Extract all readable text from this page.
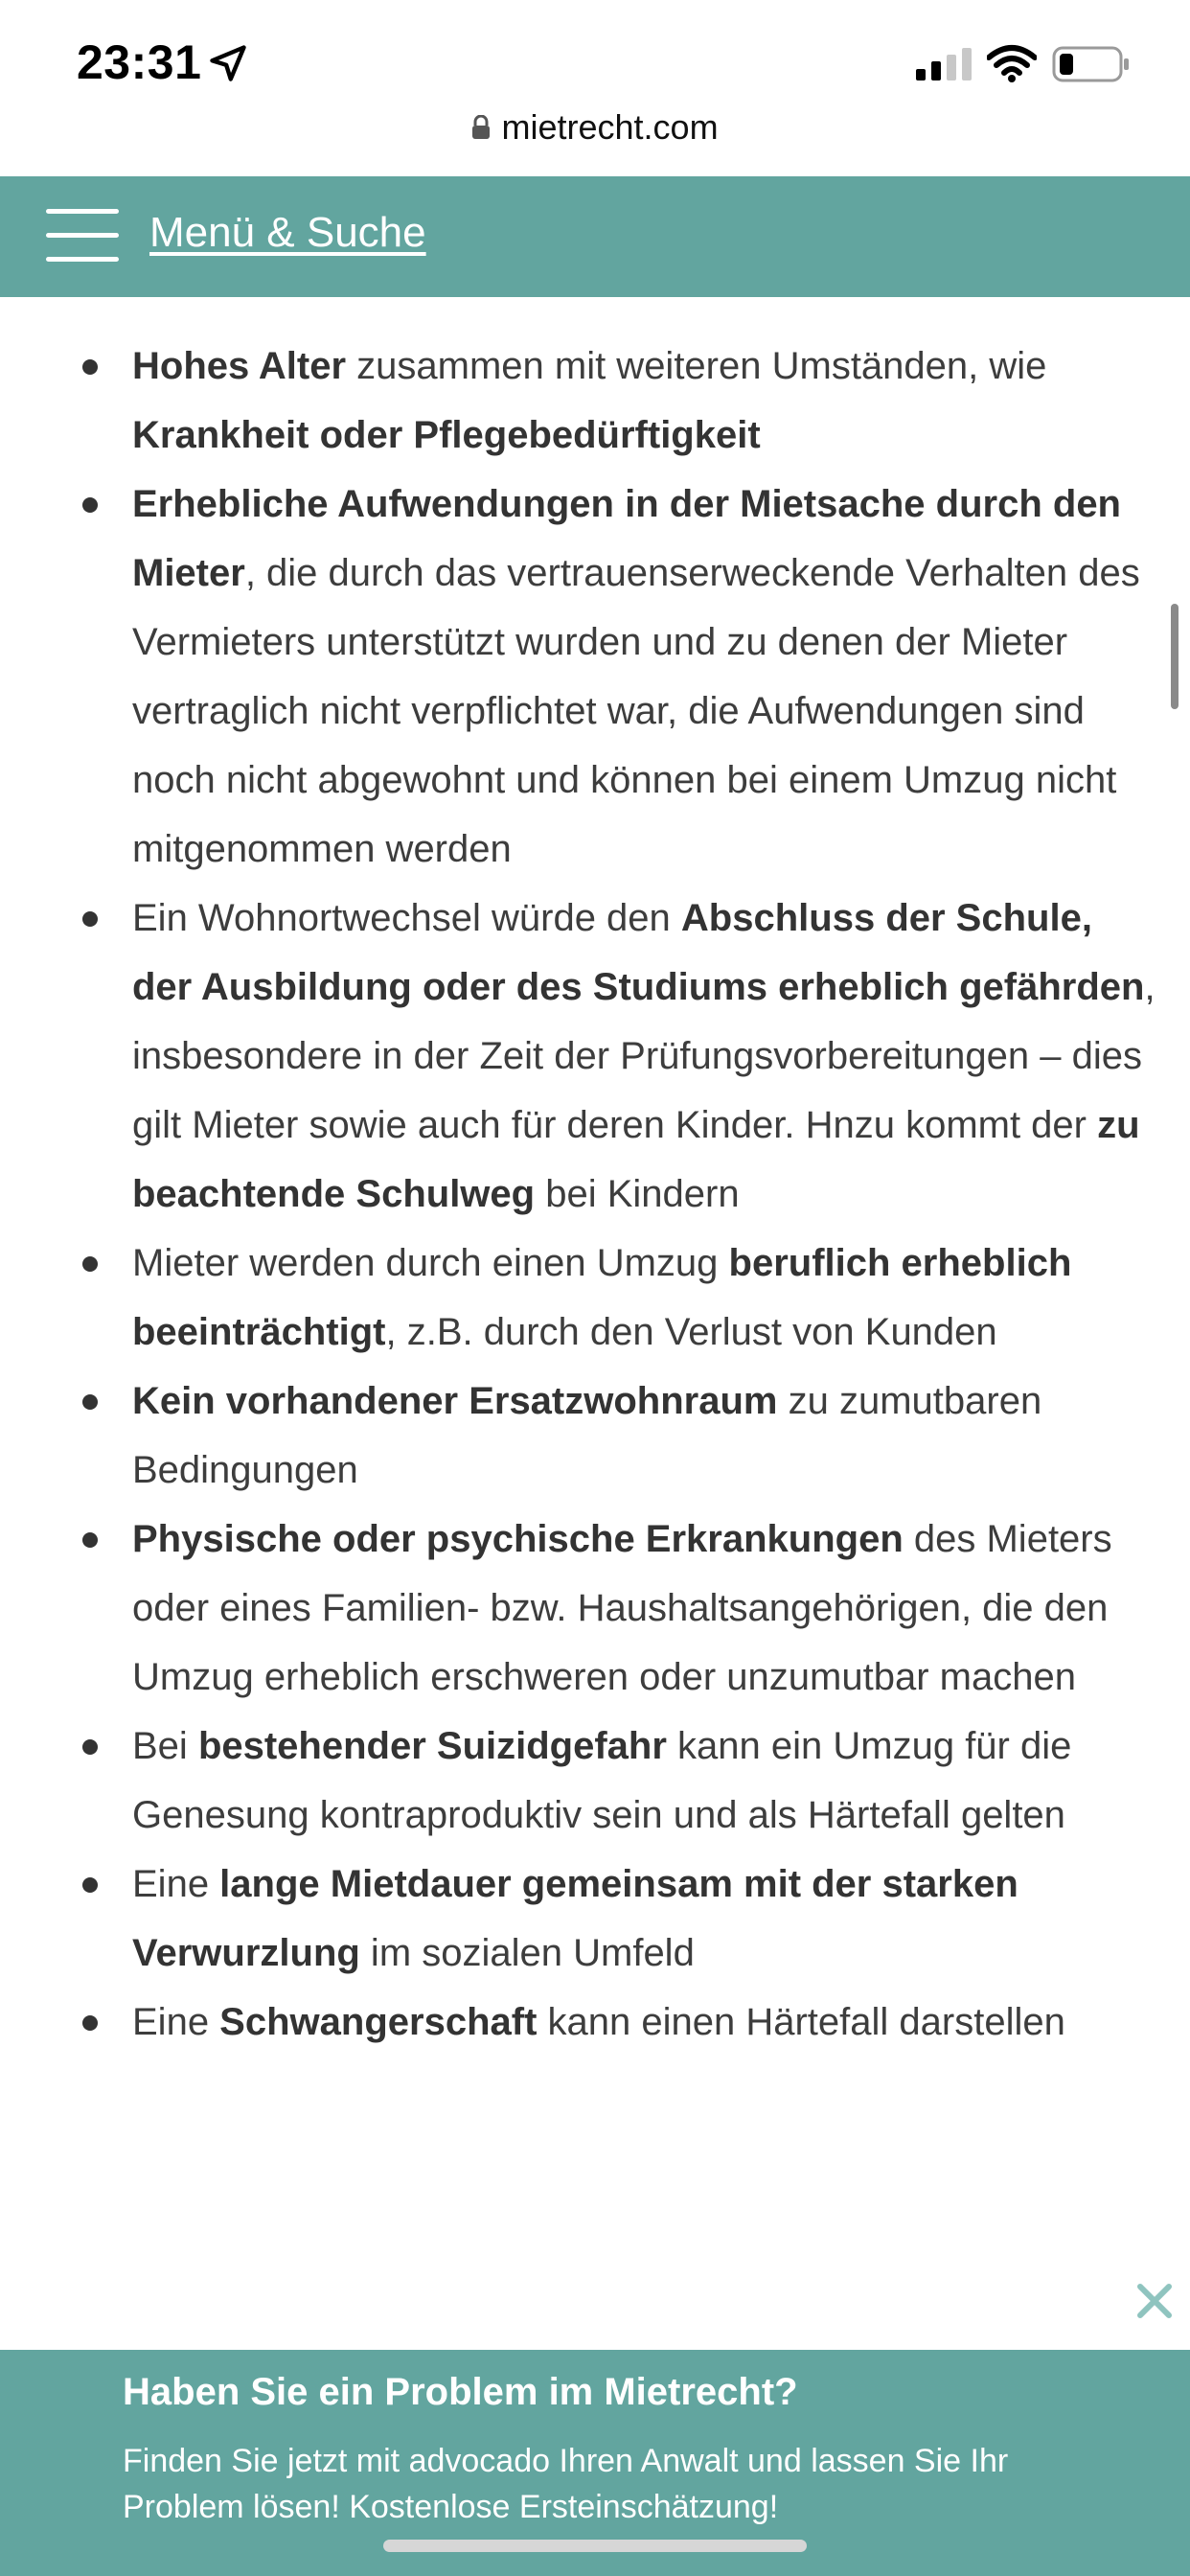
23:31
mietrecht.com
Menü & Suche
Hohes Alter zusammen mit weiteren Umständen, wie Krankheit oder Pflegebedürftigkeit
Erhebliche Aufwendungen in der Mietsache durch den Mieter, die durch das vertrauenserweckende Verhalten des Vermieters unterstützt wurden und zu denen der Mieter vertraglich nicht verpflichtet war, die Aufwendungen sind noch nicht abgewohnt und können bei einem Umzug nicht mitgenommen werden
Ein Wohnortwechsel würde den Abschluss der Schule, der Ausbildung oder des Studiums erheblich gefährden, insbesondere in der Zeit der Prüfungsvorbereitungen – dies gilt Mieter sowie auch für deren Kinder. Hnzu kommt der zu beachtende Schulweg bei Kindern
Mieter werden durch einen Umzug beruflich erheblich beeinträchtigt, z.B. durch den Verlust von Kunden
Kein vorhandener Ersatzwohnraum zu zumutbaren Bedingungen
Physische oder psychische Erkrankungen des Mieters oder eines Familien- bzw. Haushaltsangehörigen, die den Umzug erheblich erschweren oder unzumutbar machen
Bei bestehender Suizidgefahr kann ein Umzug für die Genesung kontraproduktiv sein und als Härtefall gelten
Eine lange Mietdauer gemeinsam mit der starken Verwurzlung im sozialen Umfeld
Eine Schwangerschaft kann einen Härtefall darstellen
Haben Sie ein Problem im Mietrecht?
Finden Sie jetzt mit advocado Ihren Anwalt und lassen Sie Ihr Problem lösen! Kostenlose Ersteinschätzung!
